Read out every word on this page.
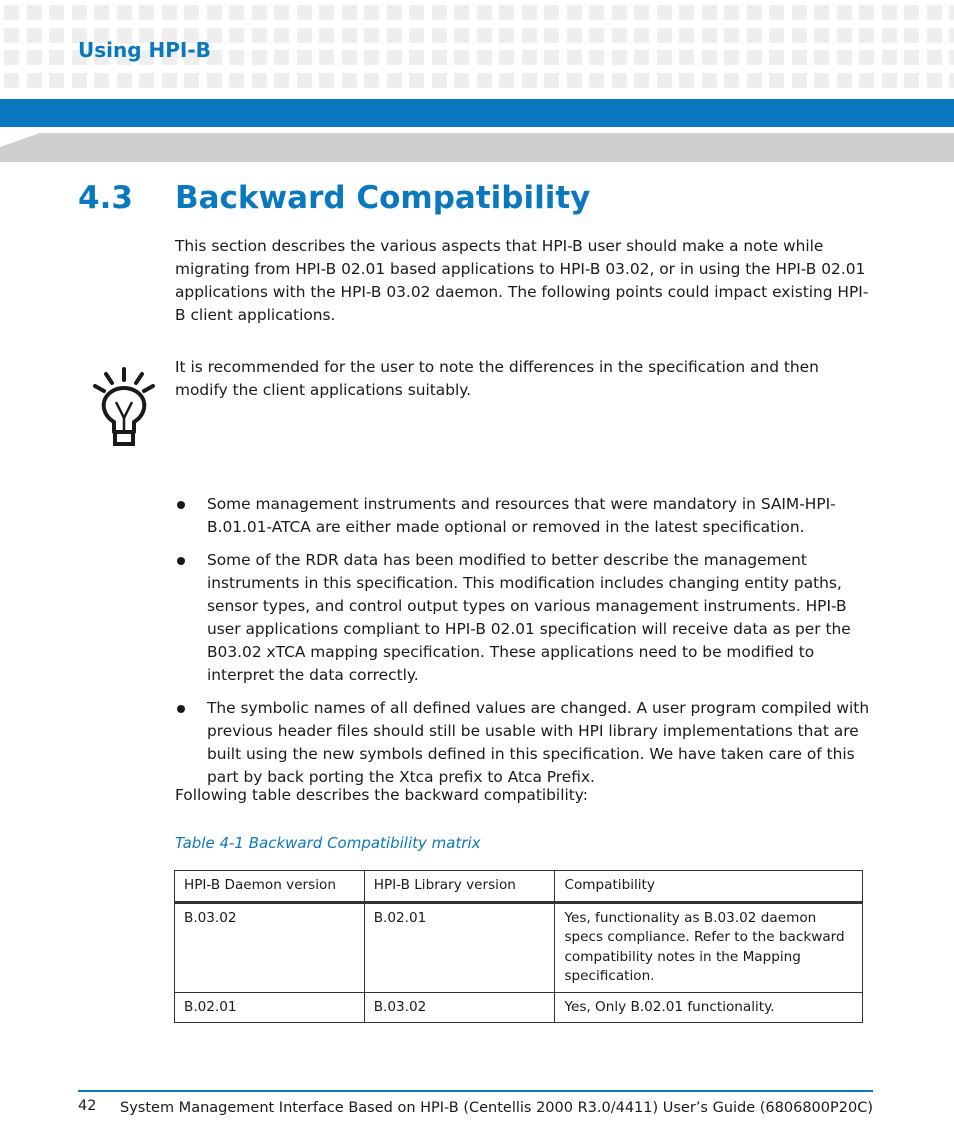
Using HPI-B
4.3 Backward Compatibility
This section describes the various aspects that HPI-B user should make a note while migrating from HPI-B 02.01 based applications to HPI-B 03.02, or in using the HPI-B 02.01 applications with the HPI-B 03.02 daemon. The following points could impact existing HPI-B client applications.
It is recommended for the user to note the differences in the specification and then modify the client applications suitably.
Some management instruments and resources that were mandatory in SAIM-HPI-B.01.01-ATCA are either made optional or removed in the latest specification.
Some of the RDR data has been modified to better describe the management instruments in this specification. This modification includes changing entity paths, sensor types, and control output types on various management instruments. HPI-B user applications compliant to HPI-B 02.01 specification will receive data as per the B03.02 xTCA mapping specification. These applications need to be modified to interpret the data correctly.
The symbolic names of all defined values are changed. A user program compiled with previous header files should still be usable with HPI library implementations that are built using the new symbols defined in this specification. We have taken care of this part by back porting the Xtca prefix to Atca Prefix.
Following table describes the backward compatibility:
Table 4-1 Backward Compatibility matrix
HPI-B Daemon version	HPI-B Library version	Compatibility
B.03.02	B.02.01	Yes, functionality as B.03.02 daemon specs compliance. Refer to the backward compatibility notes in the Mapping specification.
B.02.01	B.03.02	Yes, Only B.02.01 functionality.
42 System Management Interface Based on HPI-B (Centellis 2000 R3.0/4411) User’s Guide (6806800P20C)
